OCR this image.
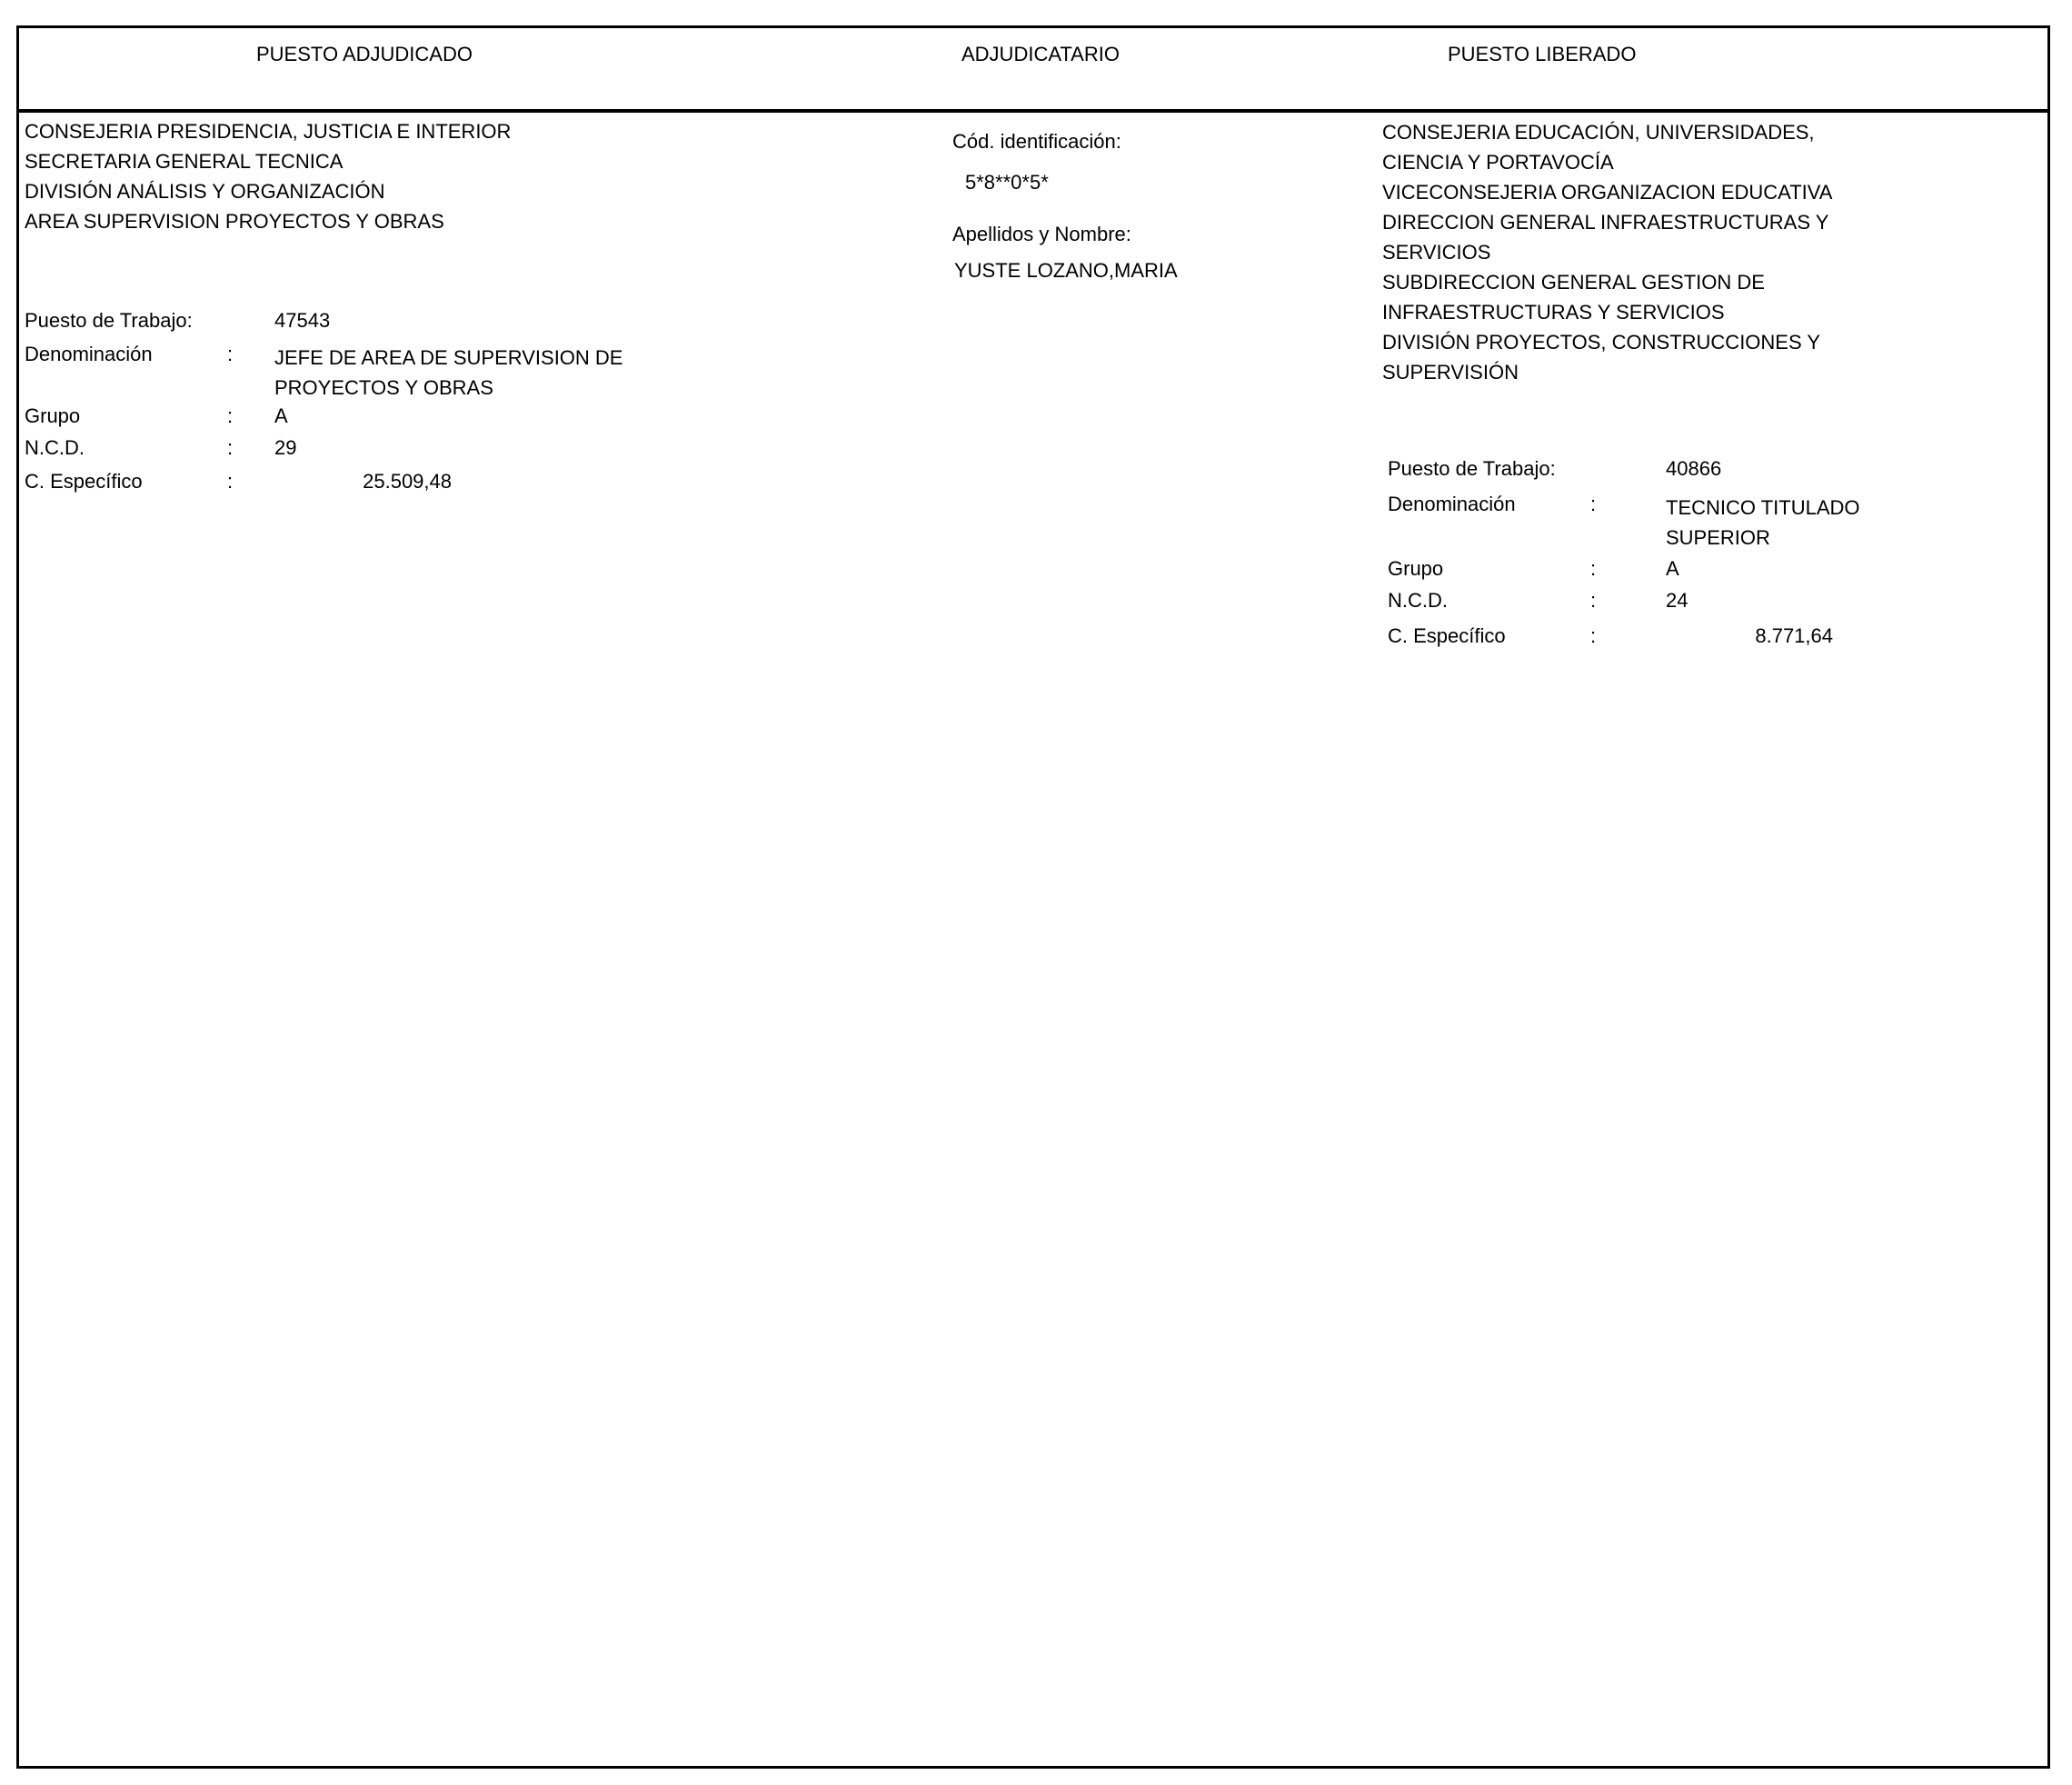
PUESTO ADJUDICADO	ADJUDICATARIO	PUESTO LIBERADO
CONSEJERIA PRESIDENCIA, JUSTICIA E INTERIOR
SECRETARIA GENERAL TECNICA
DIVISIÓN ANÁLISIS Y ORGANIZACIÓN
AREA SUPERVISION PROYECTOS Y OBRAS
Puesto de Trabajo:	47543
Denominación	: JEFE DE AREA DE SUPERVISION DE PROYECTOS Y OBRAS
Grupo	: A
N.C.D.	: 29
C. Específico	:	25.509,48
Cód. identificación:
5*8**0*5*
Apellidos y Nombre:
YUSTE LOZANO,MARIA
CONSEJERIA EDUCACIÓN, UNIVERSIDADES,
CIENCIA Y PORTAVOCÍA
VICECONSEJERIA ORGANIZACION EDUCATIVA
DIRECCION GENERAL INFRAESTRUCTURAS Y
SERVICIOS
SUBDIRECCION GENERAL GESTION DE
INFRAESTRUCTURAS Y SERVICIOS
DIVISIÓN PROYECTOS, CONSTRUCCIONES Y
SUPERVISIÓN
Puesto de Trabajo:	40866
Denominación	:	TECNICO TITULADO SUPERIOR
Grupo	:	A
N.C.D.	:	24
C. Específico	:	8.771,64
